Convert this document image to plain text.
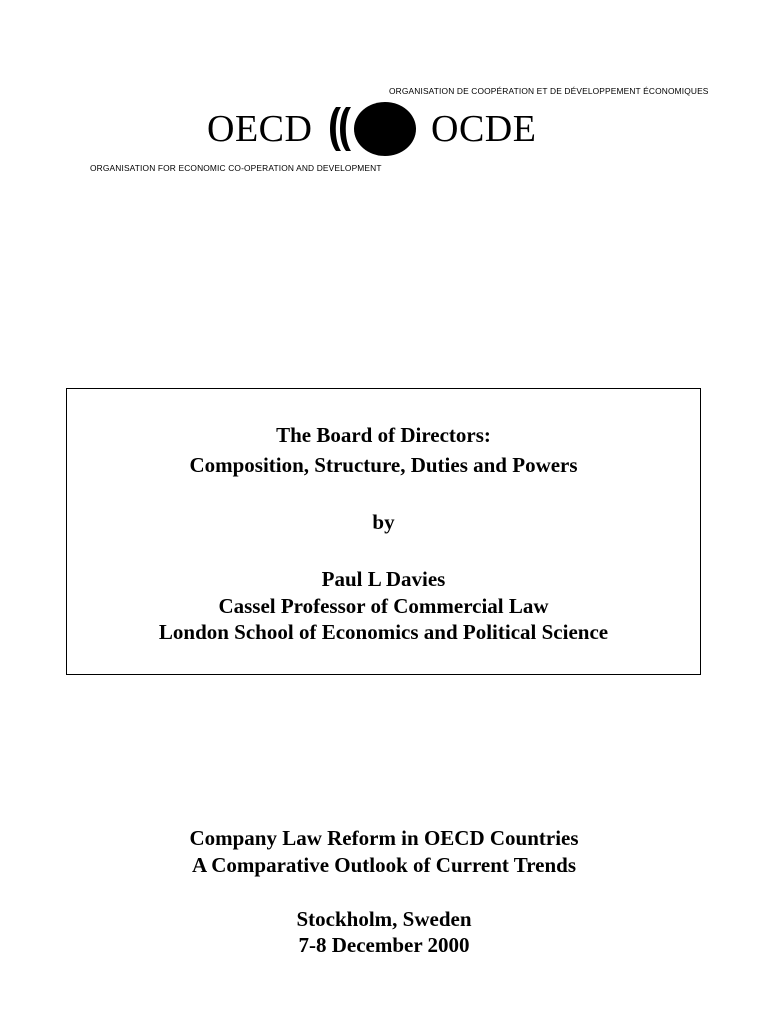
ORGANISATION DE COOPÉRATION ET DE DÉVELOPPEMENT ÉCONOMIQUES
OECD	OCDE
ORGANISATION FOR ECONOMIC CO-OPERATION AND DEVELOPMENT
The Board of Directors:
Composition, Structure, Duties and Powers
by
Paul L Davies
Cassel Professor of Commercial Law
London School of Economics and Political Science
Company Law Reform in OECD Countries
A Comparative Outlook of Current Trends
Stockholm, Sweden
7-8 December 2000
